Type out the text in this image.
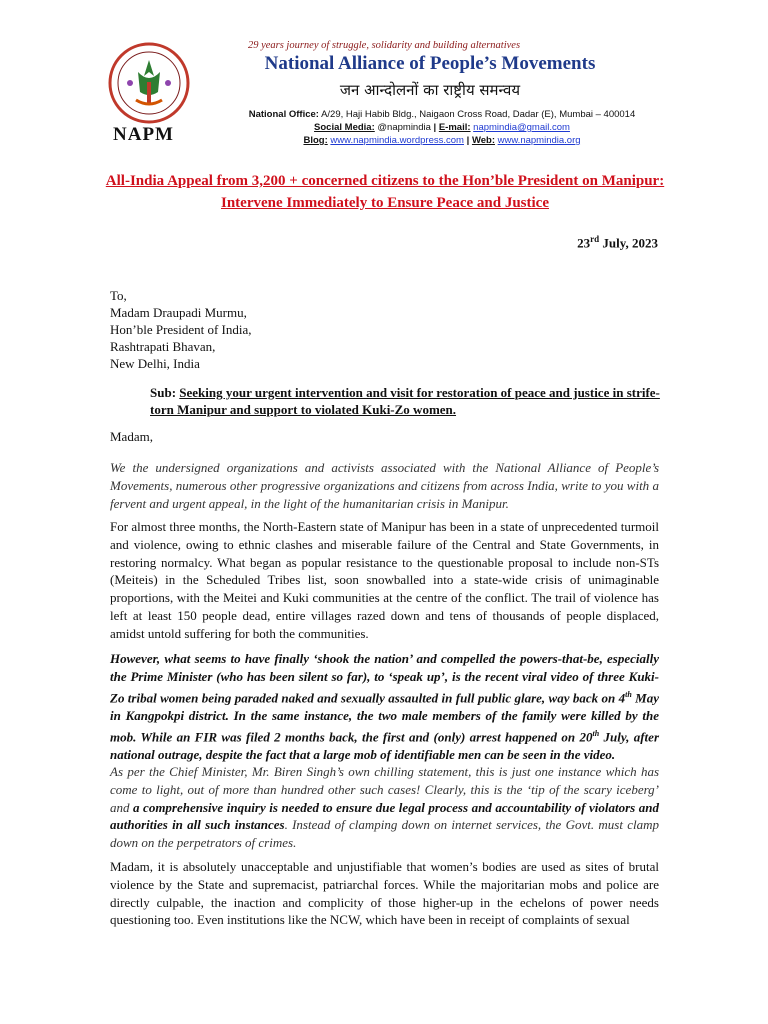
NAPM
29 years journey of struggle, solidarity and building alternatives
National Alliance of People’s Movements
जन आन्दोलनों का राष्ट्रीय समन्वय
National Office: A/29, Haji Habib Bldg., Naigaon Cross Road, Dadar (E), Mumbai – 400014
Social Media: @napmindia | E-mail: napmindia@gmail.com
Blog: www.napmindia.wordpress.com | Web: www.napmindia.org
All-India Appeal from 3,200 + concerned citizens to the Hon’ble President on Manipur: Intervene Immediately to Ensure Peace and Justice
23rd July, 2023
To,
Madam Draupadi Murmu,
Hon’ble President of India,
Rashtrapati Bhavan,
New Delhi, India
Sub: Seeking your urgent intervention and visit for restoration of peace and justice in strife-torn Manipur and support to violated Kuki-Zo women.
Madam,
We the undersigned organizations and activists associated with the National Alliance of People’s Movements, numerous other progressive organizations and citizens from across India, write to you with a fervent and urgent appeal, in the light of the humanitarian crisis in Manipur.
For almost three months, the North-Eastern state of Manipur has been in a state of unprecedented turmoil and violence, owing to ethnic clashes and miserable failure of the Central and State Governments, in restoring normalcy. What began as popular resistance to the questionable proposal to include non-STs (Meiteis) in the Scheduled Tribes list, soon snowballed into a state-wide crisis of unimaginable proportions, with the Meitei and Kuki communities at the centre of the conflict. The trail of violence has left at least 150 people dead, entire villages razed down and tens of thousands of people displaced, amidst untold suffering for both the communities.
However, what seems to have finally ‘shook the nation’ and compelled the powers-that-be, especially the Prime Minister (who has been silent so far), to ‘speak up’, is the recent viral video of three Kuki-Zo tribal women being paraded naked and sexually assaulted in full public glare, way back on 4th May in Kangpokpi district. In the same instance, the two male members of the family were killed by the mob. While an FIR was filed 2 months back, the first and (only) arrest happened on 20th July, after national outrage, despite the fact that a large mob of identifiable men can be seen in the video.
As per the Chief Minister, Mr. Biren Singh’s own chilling statement, this is just one instance which has come to light, out of more than hundred other such cases! Clearly, this is the ‘tip of the scary iceberg’ and a comprehensive inquiry is needed to ensure due legal process and accountability of violators and authorities in all such instances. Instead of clamping down on internet services, the Govt. must clamp down on the perpetrators of crimes.
Madam, it is absolutely unacceptable and unjustifiable that women’s bodies are used as sites of brutal violence by the State and supremacist, patriarchal forces. While the majoritarian mobs and police are directly culpable, the inaction and complicity of those higher-up in the echelons of power needs questioning too. Even institutions like the NCW, which have been in receipt of complaints of sexual
